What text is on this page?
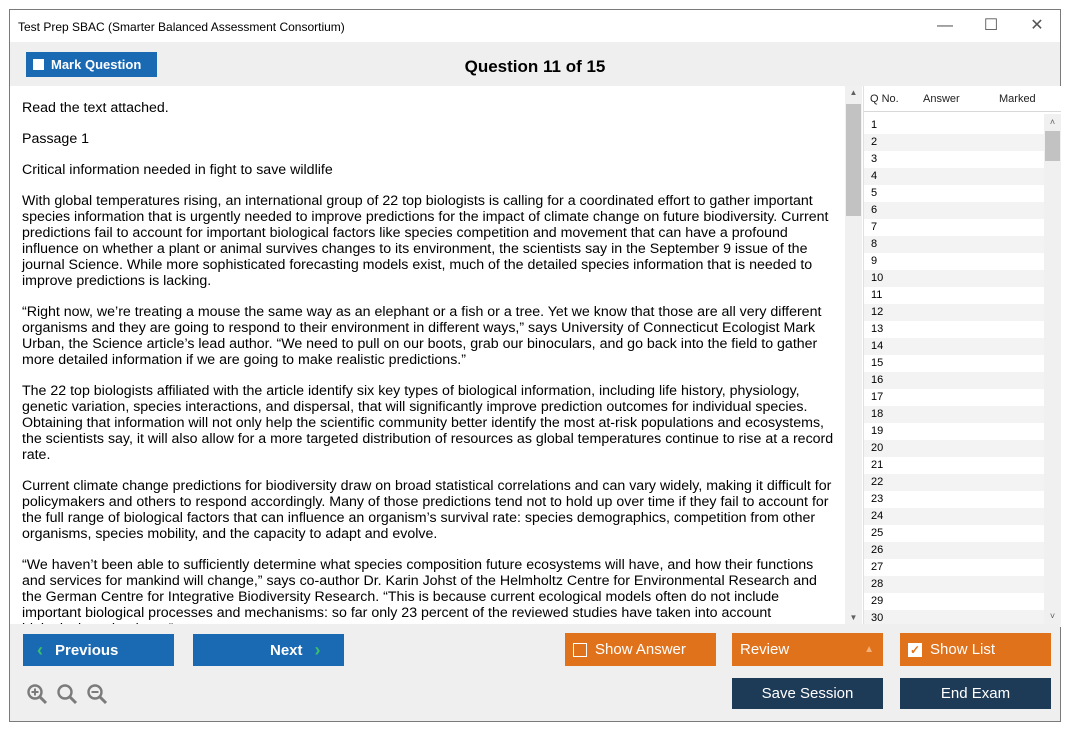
Test Prep SBAC (Smarter Balanced Assessment Consortium)	—	☐	✕
Question 11 of 15
Mark Question

Read the text attached.

Passage 1

Critical information needed in fight to save wildlife

With global temperatures rising, an international group of 22 top biologists is calling for a coordinated effort to gather important species information that is urgently needed to improve predictions for the impact of climate change on future biodiversity. Current predictions fail to account for important biological factors like species competition and movement that can have a profound influence on whether a plant or animal survives changes to its environment, the scientists say in the September 9 issue of the journal Science. While more sophisticated forecasting models exist, much of the detailed species information that is needed to improve predictions is lacking.

“Right now, we’re treating a mouse the same way as an elephant or a fish or a tree. Yet we know that those are all very different organisms and they are going to respond to their environment in different ways,” says University of Connecticut Ecologist Mark Urban, the Science article’s lead author. “We need to pull on our boots, grab our binoculars, and go back into the field to gather more detailed information if we are going to make realistic predictions.”

The 22 top biologists affiliated with the article identify six key types of biological information, including life history, physiology, genetic variation, species interactions, and dispersal, that will significantly improve prediction outcomes for individual species. Obtaining that information will not only help the scientific community better identify the most at-risk populations and ecosystems, the scientists say, it will also allow for a more targeted distribution of resources as global temperatures continue to rise at a record rate.

Current climate change predictions for biodiversity draw on broad statistical correlations and can vary widely, making it difficult for policymakers and others to respond accordingly. Many of those predictions tend not to hold up over time if they fail to account for the full range of biological factors that can influence an organism’s survival rate: species demographics, competition from other organisms, species mobility, and the capacity to adapt and evolve.

“We haven’t been able to sufficiently determine what species composition future ecosystems will have, and how their functions and services for mankind will change,” says co-author Dr. Karin Johst of the Helmholtz Centre for Environmental Research and the German Centre for Integrative Biodiversity Research. “This is because current ecological models often do not include important biological processes and mechanisms: so far only 23 percent of the reviewed studies have taken into account

▲
▼
Q No. Answer	Marked
1
2
3
4
5
6
7
8
9
10
11
12
13
14
15
16
17
18
19
20
21
22
23
24
25
26
27
28
29
30
˄
˅
‹ Previous	Next ›	Show Answer	Review	▲	✓ Show List
Save Session	End Exam
